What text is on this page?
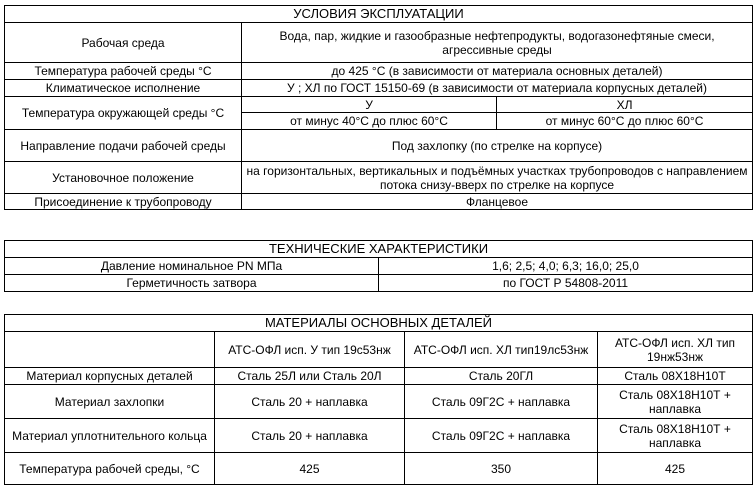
УСЛОВИЯ ЭКСПЛУАТАЦИИ		
Рабочая среда	Вода, пар, жидкие и газообразные нефтепродукты, водогазонефтяные смеси, агрессивные среды	
Температура рабочей среды °С	до 425 °С (в зависимости от материала основных деталей)	
Климатическое исполнение	У ; ХЛ по ГОСТ 15150-69 (в зависимости от материала корпусных деталей)	
Температура окружающей среды °С	У	ХЛ
	от минус 40°С до плюс 60°С	от минус 60°С до плюс 60°С
Направление подачи рабочей среды	Под захлопку (по стрелке на корпусе)	
Установочное положение	на горизонтальных, вертикальных и подъёмных участках трубопроводов с направлением потока снизу-вверх по стрелке на корпусе	
Присоединение к трубопроводу	Фланцевое	
ТЕХНИЧЕСКИЕ ХАРАКТЕРИСТИКИ	
Давление номинальное PN МПа	1,6; 2,5; 4,0; 6,3; 16,0; 25,0
Герметичность затвора	по ГОСТ Р 54808-2011
МАТЕРИАЛЫ ОСНОВНЫХ ДЕТАЛЕЙ			
	АТС-ОФЛ исп. У тип 19с53нж	АТС-ОФЛ исп. ХЛ тип19лс53нж	АТС-ОФЛ исп. ХЛ тип 19нж53нж
Материал корпусных деталей	Сталь 25Л или Сталь 20Л	Сталь 20ГЛ	Сталь 08Х18Н10Т
Материал захлопки	Сталь 20 + наплавка	Сталь 09Г2С + наплавка	Сталь 08Х18Н10Т + наплавка
Материал уплотнительного кольца	Сталь 20 + наплавка	Сталь 09Г2С + наплавка	Сталь 08Х18Н10Т + наплавка
Температура рабочей среды, °С	425	350	425
